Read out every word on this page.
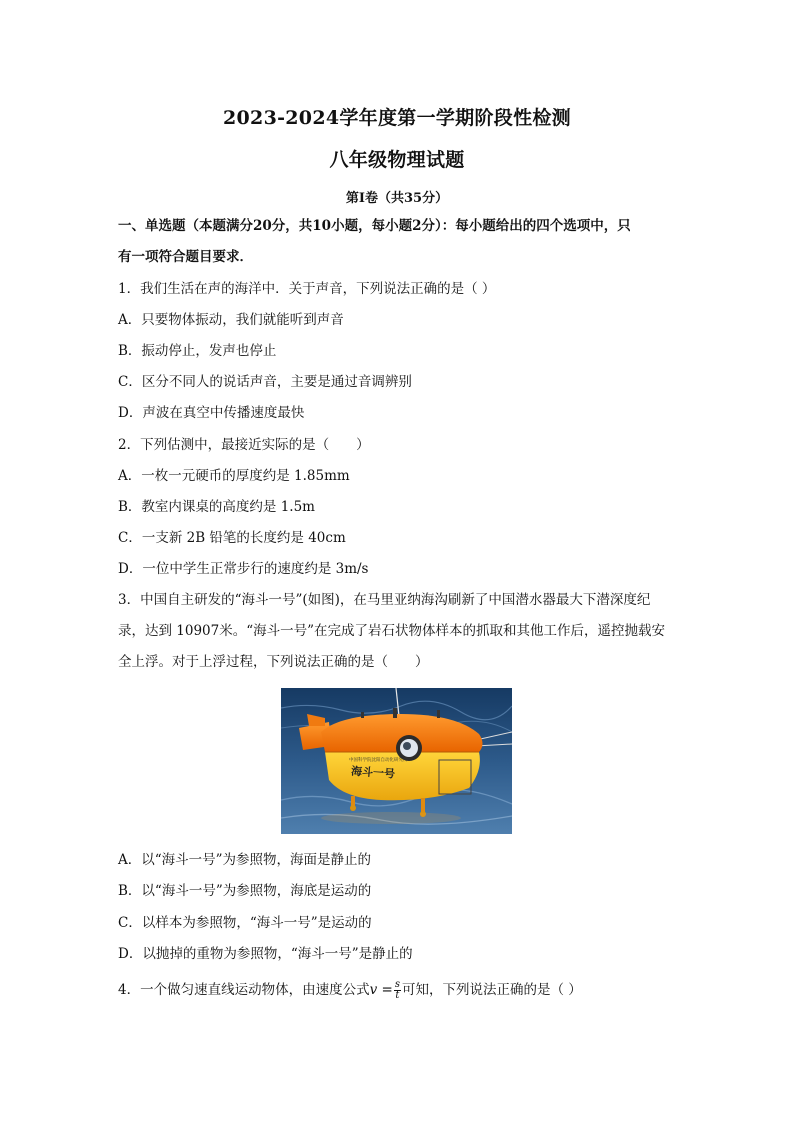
2023-2024学年度第一学期阶段性检测
八年级物理试题
第Ⅰ卷（共35分）
一、单选题（本题满分20分，共10小题，每小题2分）：每小题给出的四个选项中，只
有一项符合题目要求．
1．我们生活在声的海洋中．关于声音，下列说法正确的是（ ）
A．只要物体振动，我们就能听到声音
B．振动停止，发声也停止
C．区分不同人的说话声音，主要是通过音调辨别
D．声波在真空中传播速度最快
2．下列估测中，最接近实际的是（　　）
A．一枚一元硬币的厚度约是 1.85mm
B．教室内课桌的高度约是 1.5m
C．一支新 2B 铅笔的长度约是 40cm
D．一位中学生正常步行的速度约是 3m/s
3．中国自主研发的“海斗一号”(如图)，在马里亚纳海沟刷新了中国潜水器最大下潜深度纪
录，达到 10907米。“海斗一号”在完成了岩石状物体样本的抓取和其他工作后，遥控抛载安
全上浮。对于上浮过程，下列说法正确的是（　　）
中国科学院沈阳自动化研究所
海斗一号
A．以“海斗一号”为参照物，海面是静止的
B．以“海斗一号”为参照物，海底是运动的
C．以样本为参照物，“海斗一号”是运动的
D．以抛掉的重物为参照物，“海斗一号”是静止的
4．一个做匀速直线运动物体，由速度公式$v = \frac{s}{t}$ 可知，下列说法正确的是（ ）
